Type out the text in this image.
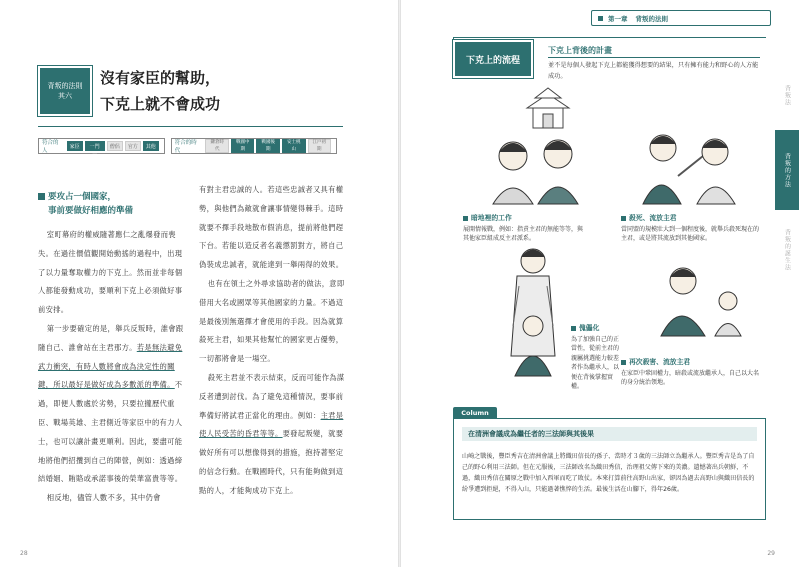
背叛的法則
其六
沒有家臣的幫助，
下克上就不會成功
符合的人
家臣	一門眾
僧侶	官方	其他
符合的時代
鎌倉時代
戰國中期
戰國後期
安土桃山
江戶初期
要攻占一個國家，
事前要做好相應的準備

室町幕府的權威隨著應仁之亂爆發而喪失。在過往價值觀開始動搖的過程中，出現了以力量奪取權力的下克上。然而並非每個人都能發動成功，要順利下克上必須做好事前安排。

第一步要確定的是，舉兵反叛時，誰會跟隨自己、誰會站在主君那方。若是無法避免武力衝突，有時人數將會成為決定性的關鍵，所以最好是做好成為多數派的準備。不過，即便人數處於劣勢，只要拉攏歷代重臣、戰場英雄、主君側近等家臣中的有力人士，也可以讓計畫更順利。因此，要盡可能地將他們招攬到自己的陣營，例如：透過締結婚姻、賄賂或承諾事後的榮華富貴等等。

相反地，儘管人數不多，其中仍會

有對主君忠誠的人。若這些忠誠者又具有權勢，與他們為敵就會讓事情變得棘手。這時就要不擇手段地散布假消息，提前將他們趕下台。若能以造反者名義懲罰對方，將自己偽裝成忠誠者，就能達到一舉兩得的效果。

也有在領土之外尋求協助者的做法，意即借用大名或國眾等其他國家的力量。不過這是最後別無選擇才會使用的手段。因為就算殺死主君，如果其他幫忙的國家更占優勢，一切都將會是一場空。

殺死主君並不表示結束，反而可能作為謀反者遭到討伐。為了避免這種情況，要事前準備好將試君正當化的理由。例如：主君是使人民受苦的昏君等等。要發起叛變，就要做好所有可以想像得到的措施，抱持著堅定的信念行動。在戰國時代，只有能夠做到這點的人，才能夠成功下克上。

28
第一章 背叛的法則
下克上的流程
下克上背後的計畫
並不是每個人發起下克上都能獲得想要的結果，只有擁有能力和野心的人方能成功。
暗地裡的工作
展開情報戰，例如：指責主君的無能等等，與其他家臣組成反主君派系。
殺死、流放主君
當同盟的規模壯大到一個程度後，就舉兵殺死現在的主君，或是將其流放到其他國家。
傀儡化
為了加強自己的正當性，從前主君的親屬挑選能力較差者作為繼承人，以便在背後掌握實權。
再次殺害、流放主君
在家臣中鞏固權力，暗殺或流放繼承人，自己以大名的身分統治領地。
Column
在清洲會議成為繼任者的三法師與其後果
山崎之戰後，豐臣秀吉在清洲會議上將織田信長的孫子、當時才３歲的三法師立為繼承人。豐臣秀吉是為了自己的野心利用三法師。但在元服後，三法師改名為織田秀信，治理祖父傳下來的美濃。遺憾著出兵朝鮮，不過，織田秀信在關原之戰中加入西軍而吃了敗仗。本來打算前往高野山出家，卻因為過去高野山與織田信長的紛爭遭到拒絕，不得入山，只能過著憔悴的生活。最後生活在山腳下，得年26歲。
背叛法
背叛的方法
背叛的誕生法
29
